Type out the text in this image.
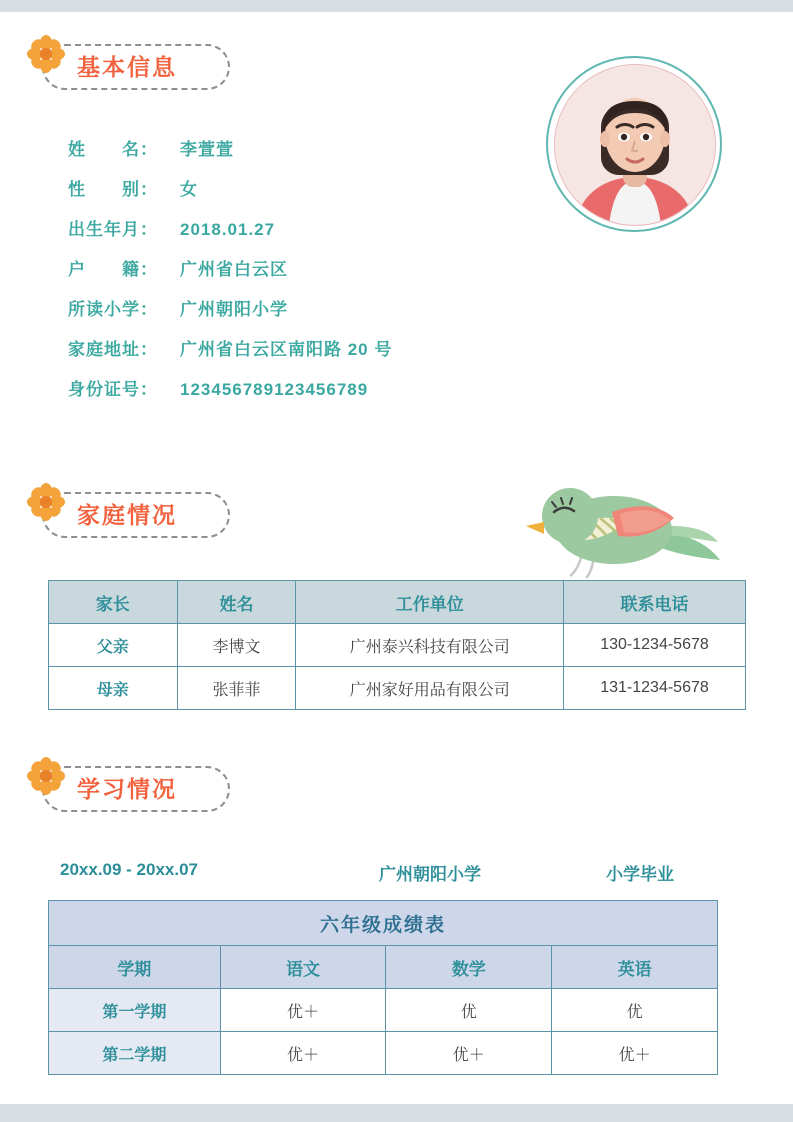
基本信息
姓　　名：	李萱萱
性　　别：	女
出生年月：	2018.01.27
户　　籍：	广州省白云区
所读小学：	广州朝阳小学
家庭地址：	广州省白云区南阳路 20 号
身份证号：	123456789123456789
家庭情况
家长	姓名	工作单位	联系电话
父亲	李博文	广州泰兴科技有限公司	130-1234-5678
母亲	张菲菲	广州家好用品有限公司	131-1234-5678
学习情况
20xx.09 - 20xx.07	广州朝阳小学	小学毕业
六年级成绩表			
学期	语文	数学	英语
第一学期	优＋	优	优
第二学期	优＋	优＋	优＋
